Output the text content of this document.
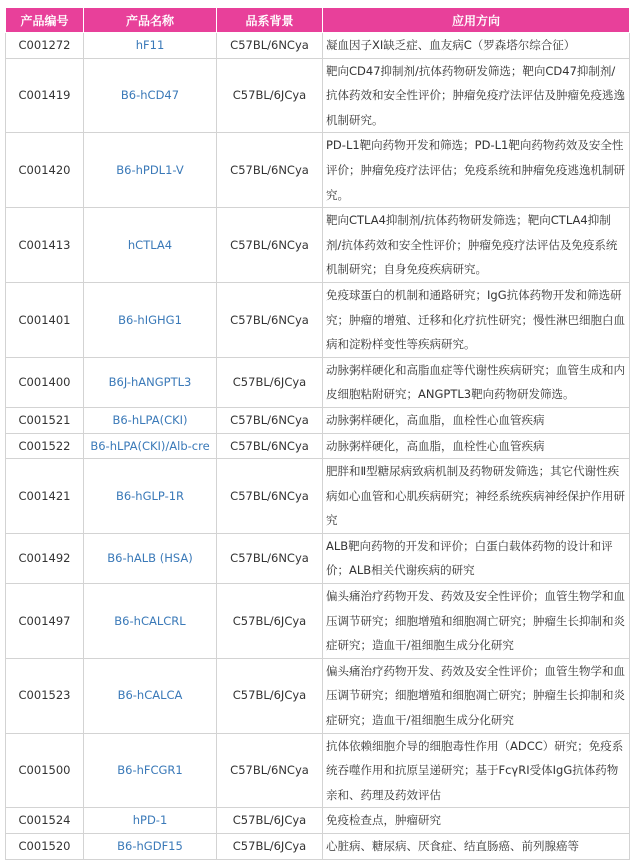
产品编号	产品名称	品系背景	应用方向
C001272	hF11	C57BL/6NCya	凝血因子XI缺乏症、血友病C（罗森塔尔综合征）
C001419	B6-hCD47	C57BL/6JCya	靶向CD47抑制剂/抗体药物研发筛选；靶向CD47抑制剂/抗体药效和安全性评价；肿瘤免疫疗法评估及肿瘤免疫逃逸机制研究。
C001420	B6-hPDL1-V	C57BL/6NCya	PD-L1靶向药物开发和筛选；PD-L1靶向药物药效及安全性评价；肿瘤免疫疗法评估；免疫系统和肿瘤免疫逃逸机制研究。
C001413	hCTLA4	C57BL/6NCya	靶向CTLA4抑制剂/抗体药物研发筛选；靶向CTLA4抑制剂/抗体药效和安全性评价；肿瘤免疫疗法评估及免疫系统机制研究；自身免疫疾病研究。
C001401	B6-hIGHG1	C57BL/6NCya	免疫球蛋白的机制和通路研究；IgG抗体药物开发和筛选研究；肿瘤的增殖、迁移和化疗抗性研究；慢性淋巴细胞白血病和淀粉样变性等疾病研究。
C001400	B6J-hANGPTL3	C57BL/6JCya	动脉粥样硬化和高脂血症等代谢性疾病研究；血管生成和内皮细胞粘附研究；ANGPTL3靶向药物研发筛选。
C001521	B6-hLPA(CKI)	C57BL/6NCya	动脉粥样硬化，高血脂，血栓性心血管疾病
C001522	B6-hLPA(CKI)/Alb-cre	C57BL/6NCya	动脉粥样硬化，高血脂，血栓性心血管疾病
C001421	B6-hGLP-1R	C57BL/6NCya	肥胖和Ⅱ型糖尿病致病机制及药物研发筛选；其它代谢性疾病如心血管和心肌疾病研究；神经系统疾病神经保护作用研究
C001492	B6-hALB (HSA)	C57BL/6NCya	ALB靶向药物的开发和评价；白蛋白载体药物的设计和评价；ALB相关代谢疾病的研究
C001497	B6-hCALCRL	C57BL/6JCya	偏头痛治疗药物开发、药效及安全性评价；血管生物学和血压调节研究；细胞增殖和细胞凋亡研究；肿瘤生长抑制和炎症研究；造血干/祖细胞生成分化研究
C001523	B6-hCALCA	C57BL/6JCya	偏头痛治疗药物开发、药效及安全性评价；血管生物学和血压调节研究；细胞增殖和细胞凋亡研究；肿瘤生长抑制和炎症研究；造血干/祖细胞生成分化研究
C001500	B6-hFCGR1	C57BL/6NCya	抗体依赖细胞介导的细胞毒性作用（ADCC）研究；免疫系统吞噬作用和抗原呈递研究；基于FcγRI受体IgG抗体药物亲和、药理及药效评估
C001524	hPD-1	C57BL/6JCya	免疫检查点，肿瘤研究
C001520	B6-hGDF15	C57BL/6JCya	心脏病、糖尿病、厌食症、结直肠癌、前列腺癌等
